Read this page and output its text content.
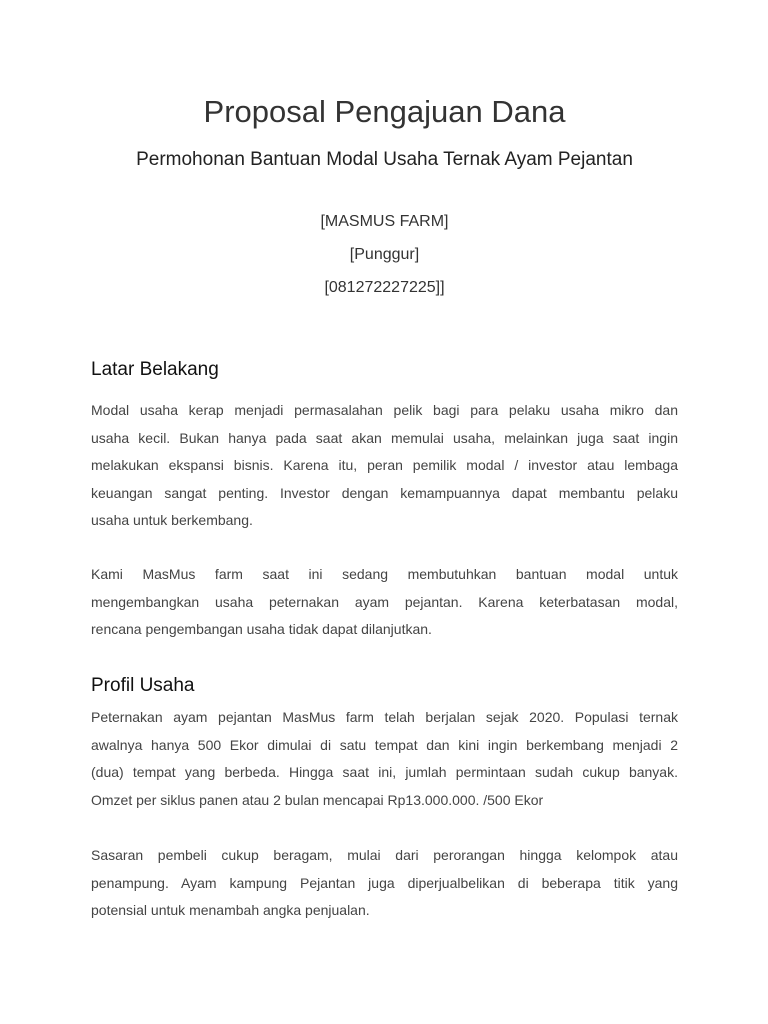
Proposal Pengajuan Dana
Permohonan Bantuan Modal Usaha Ternak Ayam Pejantan
[MASMUS FARM]
[Punggur]
[081272227225]]
Latar Belakang

Modal usaha kerap menjadi permasalahan pelik bagi para pelaku usaha mikro dan
usaha kecil. Bukan hanya pada saat akan memulai usaha, melainkan juga saat ingin
melakukan ekspansi bisnis. Karena itu, peran pemilik modal / investor atau lembaga
keuangan sangat penting. Investor dengan kemampuannya dapat membantu pelaku
usaha untuk berkembang.

Kami MasMus farm saat ini sedang membutuhkan bantuan modal untuk
mengembangkan usaha peternakan ayam pejantan. Karena keterbatasan modal,
rencana pengembangan usaha tidak dapat dilanjutkan.

Profil Usaha

Peternakan ayam pejantan MasMus farm telah berjalan sejak 2020. Populasi ternak
awalnya hanya 500 Ekor dimulai di satu tempat dan kini ingin berkembang menjadi 2
(dua) tempat yang berbeda. Hingga saat ini, jumlah permintaan sudah cukup banyak.
Omzet per siklus panen atau 2 bulan mencapai Rp13.000.000. /500 Ekor

Sasaran pembeli cukup beragam, mulai dari perorangan hingga kelompok atau
penampung. Ayam kampung Pejantan juga diperjualbelikan di beberapa titik yang
potensial untuk menambah angka penjualan.
